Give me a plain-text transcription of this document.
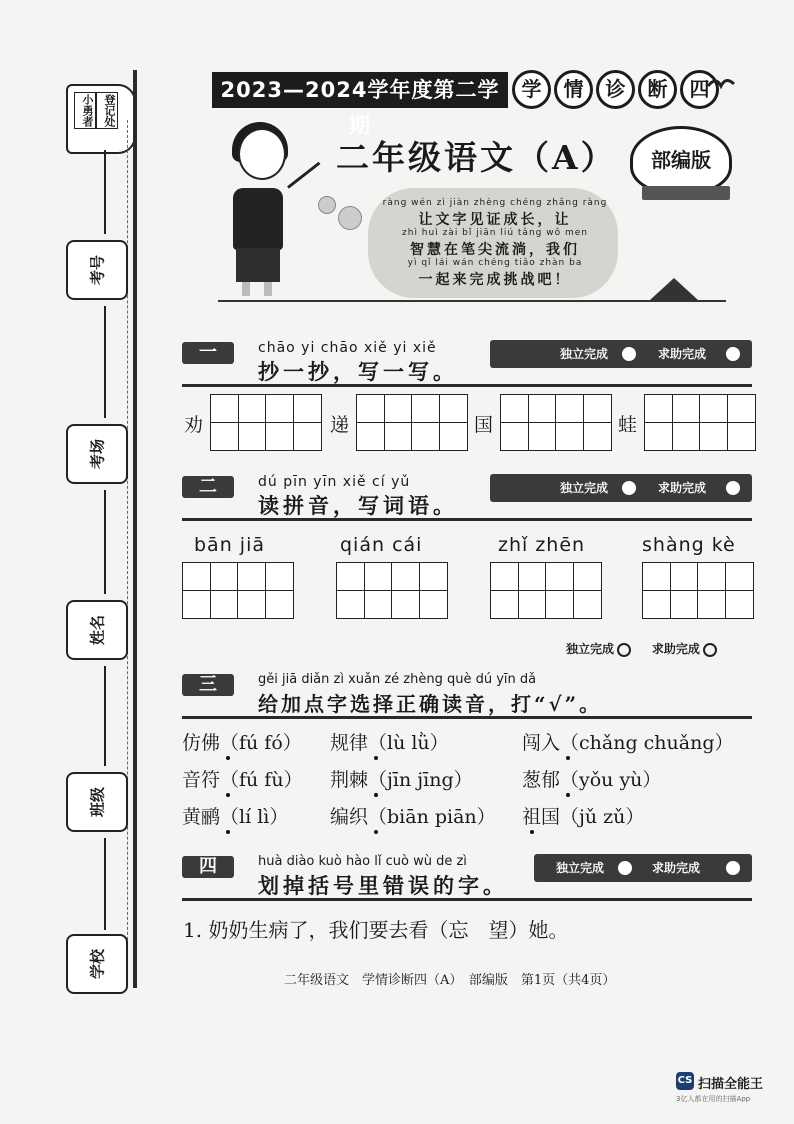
小勇者 登记处
考号
考场
姓名
班级
学校
2023—2024学年度第二学期
学	情	诊	断	四
二年级语文（A）	部编版
ràng wén zì jiàn zhèng chéng zhǎng ràng
让文字见证成长，让
zhì huì zài bǐ jiān liú tǎng wǒ men
智慧在笔尖流淌，我们
yì qǐ lái wán chéng tiǎo zhàn ba
一起来完成挑战吧！
一	chāo yi chāo xiě yi xiě
抄一抄，写一写。
独立完成	求助完成
劝	递	国	蛙
二	dú pīn yīn xiě cí yǔ
读拼音，写词语。
独立完成	求助完成
bān jiā	qián cái	zhǐ zhēn	shàng kè
独立完成	求助完成
三	gěi jiā diǎn zì xuǎn zé zhèng què dú yīn dǎ
给加点字选择正确读音，打“√”。
仿佛（fú fó） 规律（lù lǜ）	闯入（chǎng chuǎng）
音符（fú fù） 荆棘（jīn jīng）	葱郁（yǒu yù）
黄鹂（lí lì） 编织（biān piān） 祖国（jǔ zǔ）
四	huà diào kuò hào lǐ cuò wù de zì
划掉括号里错误的字。
独立完成	求助完成
1. 奶奶生病了，我们要去看（忘　望）她。
二年级语文　学情诊断四（A）　部编版　第1页（共4页）
CS 扫描全能王
3亿人都在用的扫描App
